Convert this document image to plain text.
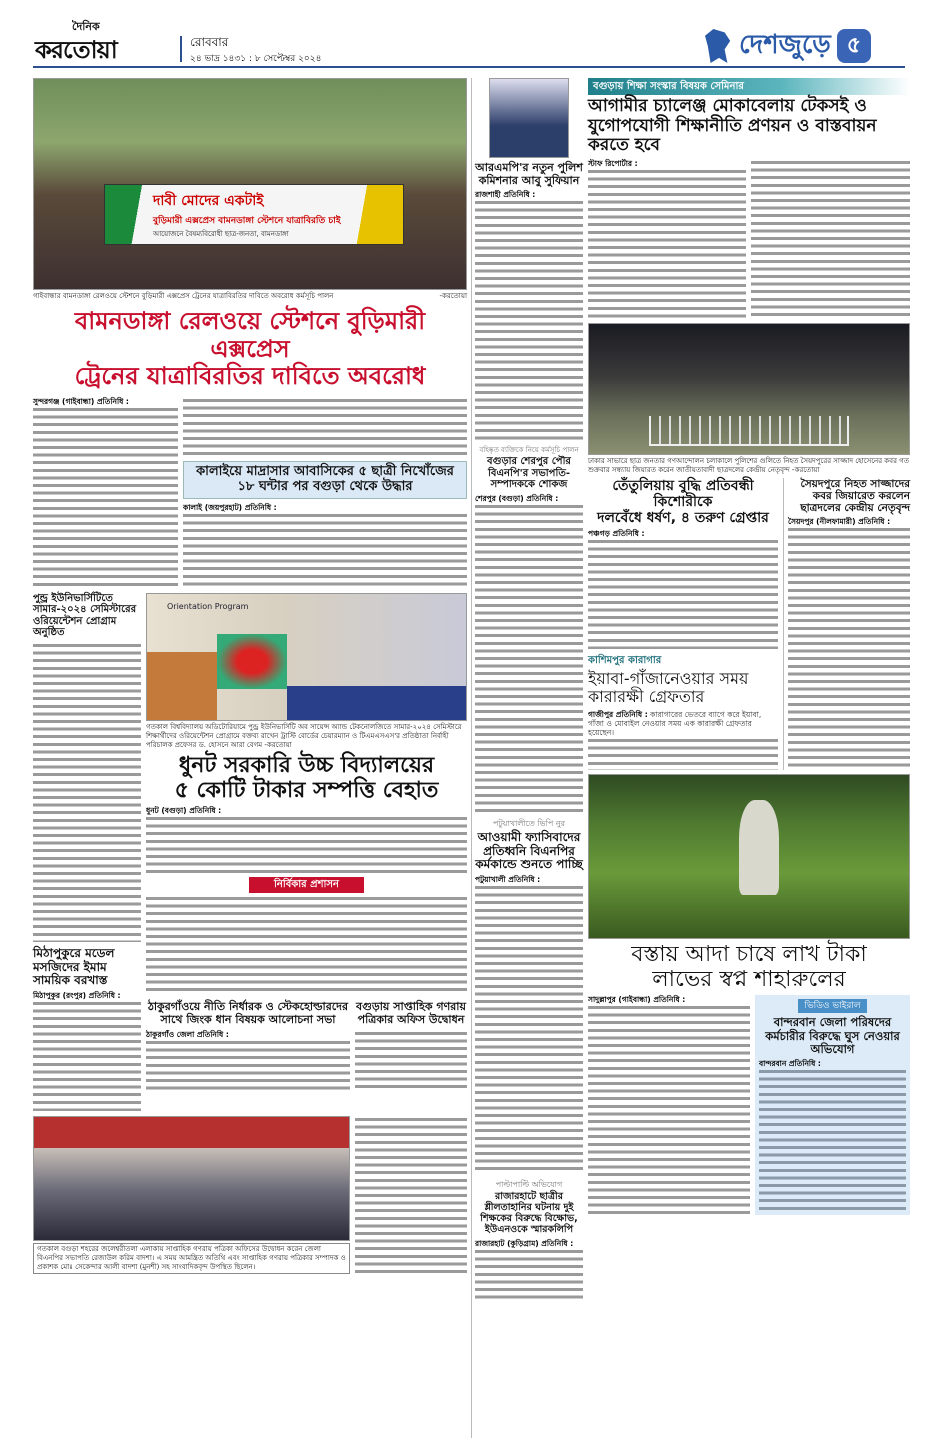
দৈনিক
করতোয়া	রোববার
২৪ ভাদ্র ১৪৩১ : ৮ সেপ্টেম্বর ২০২৪	দেশজুড়ে ৫
দাবী মোদের একটাই
বুড়িমারী এক্সপ্রেস বামনডাঙ্গা স্টেশনে যাত্রাবিরতি চাই
আয়োজনে বৈষম্যবিরোধী ছাত্র-জনতা, বামনডাঙ্গা
গাইবান্ধার বামনডাঙ্গা রেলওয়ে স্টেশনে বুড়িমারী এক্সপ্রেস ট্রেনের যাত্রাবিরতির দাবিতে অবরোধ কর্মসূচি পালন	-করতোয়া
বামনডাঙ্গা রেলওয়ে স্টেশনে বুড়িমারী এক্সপ্রেস
ট্রেনের যাত্রাবিরতির দাবিতে অবরোধ
সুন্দরগঞ্জ (গাইবান্ধা) প্রতিনিধি :
কালাইয়ে মাদ্রাসার আবাসিকের ৫ ছাত্রী নিখোঁজের
১৮ ঘন্টার পর বগুড়া থেকে উদ্ধার
কালাই (জয়পুরহাট) প্রতিনিধি :
পুন্ড্র ইউনিভার্সিটিতে সামার-২০২৪ সেমিস্টারের ওরিয়েন্টেশন প্রোগ্রাম অনুষ্ঠিত
মিঠাপুকুরে মডেল মসজিদের ইমাম সাময়িক বরখাস্ত
মিঠাপুকুর (রংপুর) প্রতিনিধি :
Orientation Program
গতকাল বিশ্ববিদ্যালয় অডিটোরিয়ামে পুন্ড্র ইউনিভার্সিটি অব সায়েন্স অ্যান্ড টেকনোলজিতে সামার-২০২৪ সেমিস্টারে শিক্ষার্থীদের ওরিয়েন্টেশন প্রোগ্রামে বক্তব্য রাখেন ট্রাস্টি বোর্ডের চেয়ারম্যান ও টিএমএসএস'র প্রতিষ্ঠাতা নির্বাহী পরিচালক প্রফেসর ড. হোসনে আরা বেগম -করতোয়া
ধুনট সরকারি উচ্চ বিদ্যালয়ের
৫ কোটি টাকার সম্পত্তি বেহাত
ধুনট (বগুড়া) প্রতিনিধি :
নির্বিকার প্রশাসন
ঠাকুরগাঁওয়ে নীতি নির্ধারক ও স্টেকহোল্ডারদের সাথে জিংক ধান বিষয়ক আলোচনা সভা
ঠাকুরগাঁও জেলা প্রতিনিধি :
বগুড়ায় সাপ্তাহিক গণরায় পত্রিকার অফিস উদ্বোধন
গতকাল বগুড়া শহরের জলেশ্বরীতলা এলাকায় সাপ্তাহিক গণরায় পত্রিকা অফিসের উদ্বোধন করেন জেলা বিএনপির সভাপতি রেজাউল করিম বাদশা। এ সময় আমন্ত্রিত অতিথি এবং সাপ্তাহিক গণরায় পত্রিকার সম্পাদক ও প্রকাশক মোঃ সেকেন্দার আলী বাদশা (মুনশী) সহ সাংবাদিকবৃন্দ উপস্থিত ছিলেন।
আরএমপি'র নতুন পুলিশ কমিশনার আবু সুফিয়ান
রাজশাহী প্রতিনিধি :
বহিষ্কৃত ব্যক্তিকে নিয়ে কর্মসূচি পালন
বগুড়ার শেরপুর পৌর বিএনপি'র সভাপতি-সম্পাদককে শোকজ
শেরপুর (বগুড়া) প্রতিনিধি :
পটুয়াখালীতে ভিপি নুর
আওয়ামী ফ্যাসিবাদের প্রতিধ্বনি বিএনপির কর্মকান্ডে শুনতে পাচ্ছি
পটুয়াখালী প্রতিনিধি :
পাল্টাপাল্টি অভিযোগ
রাজারহাটে ছাত্রীর শ্লীলতাহানির ঘটনায় দুই শিক্ষকের বিরুদ্ধে বিক্ষোভ, ইউএনওকে স্মারকলিপি
রাজারহাট (কুড়িগ্রাম) প্রতিনিধি :
বগুড়ায় শিক্ষা সংস্কার বিষয়ক সেমিনার
আগামীর চ্যালেঞ্জ মোকাবেলায় টেকসই ও যুগোপযোগী শিক্ষানীতি প্রণয়ন ও বাস্তবায়ন করতে হবে
স্টাফ রিপোর্টার :
ঢাকার সাভারে ছাত্র জনতার গণআন্দোলন চলাকালে পুলিশের গুলিতে নিহত সৈয়দপুরের সাজ্জাদ হোসেনের কবর গত শুক্রবার সন্ধ্যায় জিয়ারত করেন জাতীয়তাবাদী ছাত্রদলের কেন্দ্রীয় নেতৃবৃন্দ -করতোয়া
তেঁতুলিয়ায় বুদ্ধি প্রতিবন্ধী কিশোরীকে
দলবেঁধে ধর্ষণ, ৪ তরুণ গ্রেপ্তার
পঞ্চগড় প্রতিনিধি :
কাশিমপুর কারাগার
ইয়াবা-গাঁজানেওয়ার সময়
কারারক্ষী গ্রেফতার
গাজীপুর প্রতিনিধি : কারাগারের ভেতরে ব্যাগে করে ইয়াবা, গাঁজা ও মোবাইল নেওয়ার সময় এক কারারক্ষী গ্রেফতার হয়েছেন।
সৈয়দপুরে নিহত সাজ্জাদের কবর জিয়ারেত করলেন ছাত্রদলের কেন্দ্রীয় নেতৃবৃন্দ
সৈয়দপুর (নীলফামারী) প্রতিনিধি :
বস্তায় আদা চাষে লাখ টাকা
লাভের স্বপ্ন শাহারুলের
সাদুল্লাপুর (গাইবান্ধা) প্রতিনিধি :
ভিডিও ভাইরাল
বান্দরবান জেলা পরিষদের কর্মচারীর বিরুদ্ধে ঘুস নেওয়ার অভিযোগ
বান্দরবান প্রতিনিধি :
